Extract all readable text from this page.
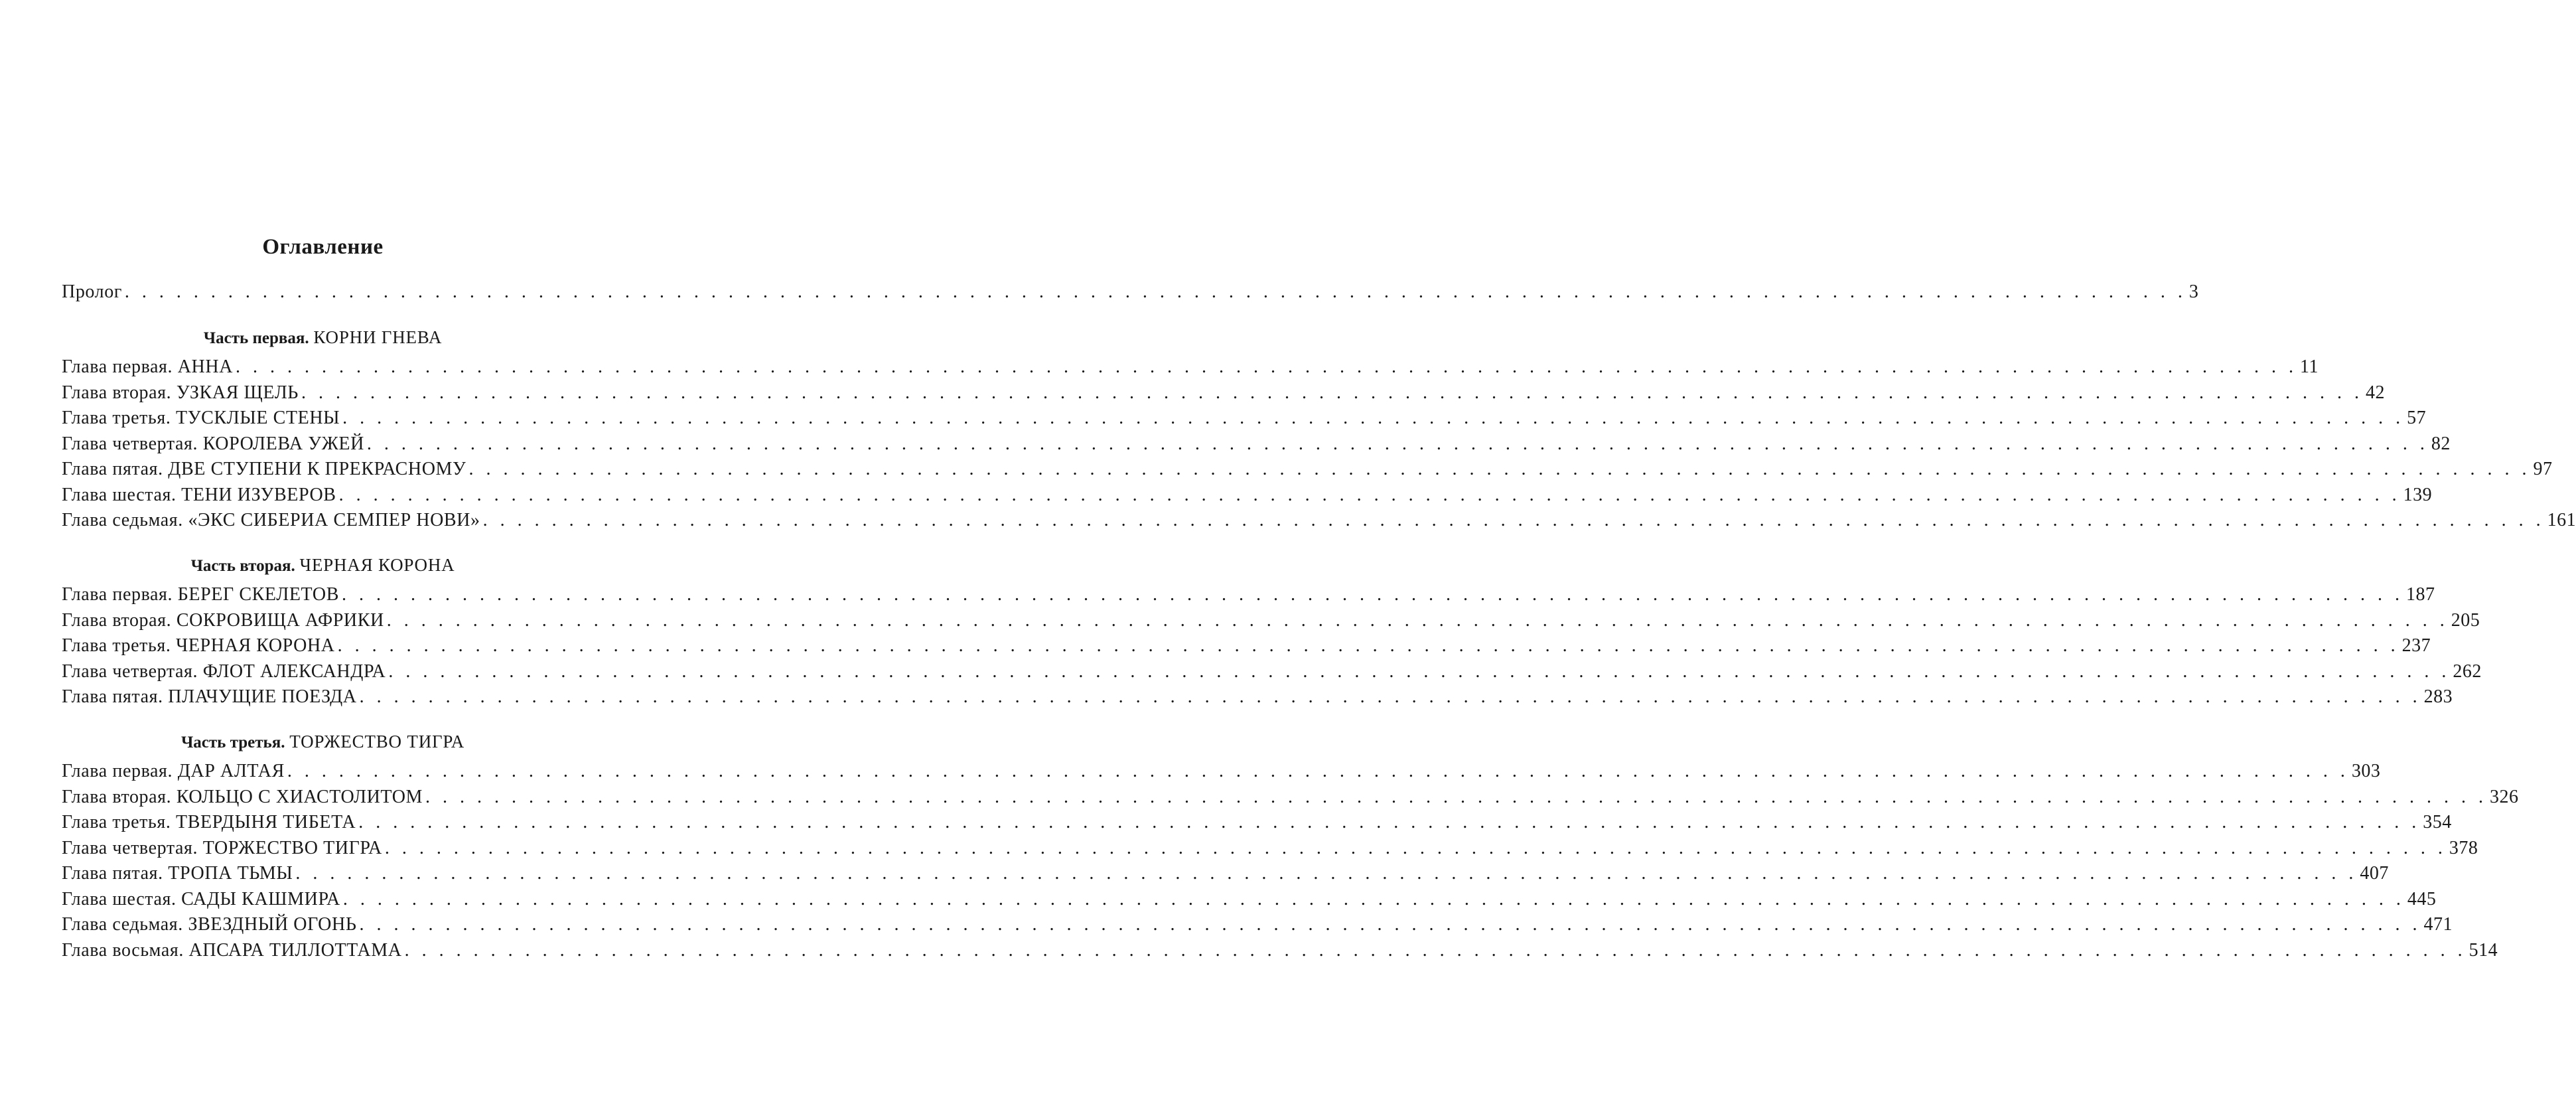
Оглавление
Пролог . . . . . . . . . . . . . . . . . . . . . . . . . . . . . . . . . . . . . . . . . . . . . . . . . . . . . . . . . . . . . . . . . . . . . . . . . . . . . . . . . . . . . . . . . . . . . . . . . . . . . . . . . . . . . . . . . . . . . . . . 3
Часть первая. КОРНИ ГНЕВА
Глава первая. АННА . . . . . . . . . . . . . . . . . . . . . . . . . . . . . . . . . . . . . . . . . . . . . . . . . . . . . . . . . . . . . . . . . . . . . . . . . . . . . . . . . . . . . . . . . . . . . . . . . . . . . . . . . . . . . . . . . . . . . . . . 11
Глава вторая. УЗКАЯ ЩЕЛЬ . . . . . . . . . . . . . . . . . . . . . . . . . . . . . . . . . . . . . . . . . . . . . . . . . . . . . . . . . . . . . . . . . . . . . . . . . . . . . . . . . . . . . . . . . . . . . . . . . . . . . . . . . . . . . . . . . . . . . . . . 42
Глава третья. ТУСКЛЫЕ СТЕНЫ . . . . . . . . . . . . . . . . . . . . . . . . . . . . . . . . . . . . . . . . . . . . . . . . . . . . . . . . . . . . . . . . . . . . . . . . . . . . . . . . . . . . . . . . . . . . . . . . . . . . . . . . . . . . . . . . . . . . . . . . 57
Глава четвертая. КОРОЛЕВА УЖЕЙ . . . . . . . . . . . . . . . . . . . . . . . . . . . . . . . . . . . . . . . . . . . . . . . . . . . . . . . . . . . . . . . . . . . . . . . . . . . . . . . . . . . . . . . . . . . . . . . . . . . . . . . . . . . . . . . . . . . . . . . . 82
Глава пятая. ДВЕ СТУПЕНИ К ПРЕКРАСНОМУ . . . . . . . . . . . . . . . . . . . . . . . . . . . . . . . . . . . . . . . . . . . . . . . . . . . . . . . . . . . . . . . . . . . . . . . . . . . . . . . . . . . . . . . . . . . . . . . . . . . . . . . . . . . . . . . . . . . . . . . . 97
Глава шестая. ТЕНИ ИЗУВЕРОВ . . . . . . . . . . . . . . . . . . . . . . . . . . . . . . . . . . . . . . . . . . . . . . . . . . . . . . . . . . . . . . . . . . . . . . . . . . . . . . . . . . . . . . . . . . . . . . . . . . . . . . . . . . . . . . . . . . . . . . . . 139
Глава седьмая. «ЭКС СИБЕРИА СЕМПЕР НОВИ» . . . . . . . . . . . . . . . . . . . . . . . . . . . . . . . . . . . . . . . . . . . . . . . . . . . . . . . . . . . . . . . . . . . . . . . . . . . . . . . . . . . . . . . . . . . . . . . . . . . . . . . . . . . . . . . . . . . . . . . . 161
Часть вторая. ЧЕРНАЯ КОРОНА
Глава первая. БЕРЕГ СКЕЛЕТОВ . . . . . . . . . . . . . . . . . . . . . . . . . . . . . . . . . . . . . . . . . . . . . . . . . . . . . . . . . . . . . . . . . . . . . . . . . . . . . . . . . . . . . . . . . . . . . . . . . . . . . . . . . . . . . . . . . . . . . . . . 187
Глава вторая. СОКРОВИЩА АФРИКИ . . . . . . . . . . . . . . . . . . . . . . . . . . . . . . . . . . . . . . . . . . . . . . . . . . . . . . . . . . . . . . . . . . . . . . . . . . . . . . . . . . . . . . . . . . . . . . . . . . . . . . . . . . . . . . . . . . . . . . . . 205
Глава третья. ЧЕРНАЯ КОРОНА . . . . . . . . . . . . . . . . . . . . . . . . . . . . . . . . . . . . . . . . . . . . . . . . . . . . . . . . . . . . . . . . . . . . . . . . . . . . . . . . . . . . . . . . . . . . . . . . . . . . . . . . . . . . . . . . . . . . . . . . 237
Глава четвертая. ФЛОТ АЛЕКСАНДРА . . . . . . . . . . . . . . . . . . . . . . . . . . . . . . . . . . . . . . . . . . . . . . . . . . . . . . . . . . . . . . . . . . . . . . . . . . . . . . . . . . . . . . . . . . . . . . . . . . . . . . . . . . . . . . . . . . . . . . . . 262
Глава пятая. ПЛАЧУЩИЕ ПОЕЗДА . . . . . . . . . . . . . . . . . . . . . . . . . . . . . . . . . . . . . . . . . . . . . . . . . . . . . . . . . . . . . . . . . . . . . . . . . . . . . . . . . . . . . . . . . . . . . . . . . . . . . . . . . . . . . . . . . . . . . . . . 283
Часть третья. ТОРЖЕСТВО ТИГРА
Глава первая. ДАР АЛТАЯ . . . . . . . . . . . . . . . . . . . . . . . . . . . . . . . . . . . . . . . . . . . . . . . . . . . . . . . . . . . . . . . . . . . . . . . . . . . . . . . . . . . . . . . . . . . . . . . . . . . . . . . . . . . . . . . . . . . . . . . . 303
Глава вторая. КОЛЬЦО С ХИАСТОЛИТОМ . . . . . . . . . . . . . . . . . . . . . . . . . . . . . . . . . . . . . . . . . . . . . . . . . . . . . . . . . . . . . . . . . . . . . . . . . . . . . . . . . . . . . . . . . . . . . . . . . . . . . . . . . . . . . . . . . . . . . . . . 326
Глава третья. ТВЕРДЫНЯ ТИБЕТА . . . . . . . . . . . . . . . . . . . . . . . . . . . . . . . . . . . . . . . . . . . . . . . . . . . . . . . . . . . . . . . . . . . . . . . . . . . . . . . . . . . . . . . . . . . . . . . . . . . . . . . . . . . . . . . . . . . . . . . . 354
Глава четвертая. ТОРЖЕСТВО ТИГРА . . . . . . . . . . . . . . . . . . . . . . . . . . . . . . . . . . . . . . . . . . . . . . . . . . . . . . . . . . . . . . . . . . . . . . . . . . . . . . . . . . . . . . . . . . . . . . . . . . . . . . . . . . . . . . . . . . . . . . . . 378
Глава пятая. ТРОПА ТЬМЫ . . . . . . . . . . . . . . . . . . . . . . . . . . . . . . . . . . . . . . . . . . . . . . . . . . . . . . . . . . . . . . . . . . . . . . . . . . . . . . . . . . . . . . . . . . . . . . . . . . . . . . . . . . . . . . . . . . . . . . . . 407
Глава шестая. САДЫ КАШМИРА . . . . . . . . . . . . . . . . . . . . . . . . . . . . . . . . . . . . . . . . . . . . . . . . . . . . . . . . . . . . . . . . . . . . . . . . . . . . . . . . . . . . . . . . . . . . . . . . . . . . . . . . . . . . . . . . . . . . . . . . 445
Глава седьмая. ЗВЕЗДНЫЙ ОГОНЬ . . . . . . . . . . . . . . . . . . . . . . . . . . . . . . . . . . . . . . . . . . . . . . . . . . . . . . . . . . . . . . . . . . . . . . . . . . . . . . . . . . . . . . . . . . . . . . . . . . . . . . . . . . . . . . . . . . . . . . . . 471
Глава восьмая. АПСАРА ТИЛЛОТТАМА . . . . . . . . . . . . . . . . . . . . . . . . . . . . . . . . . . . . . . . . . . . . . . . . . . . . . . . . . . . . . . . . . . . . . . . . . . . . . . . . . . . . . . . . . . . . . . . . . . . . . . . . . . . . . . . . . . . . . . . . 514
